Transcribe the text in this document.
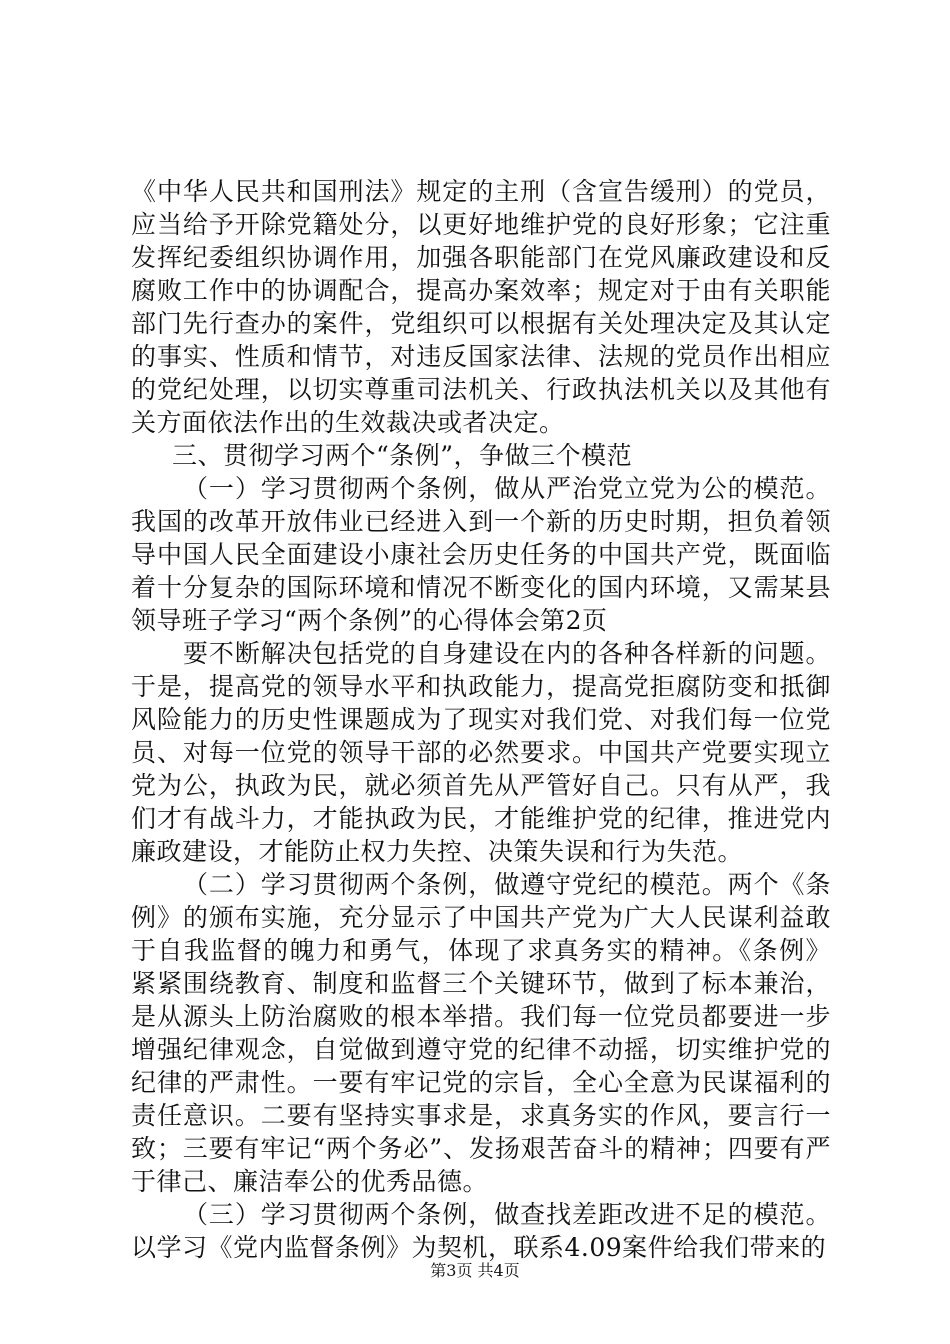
《中华人民共和国刑法》规定的主刑（含宣告缓刑）的党员，应当给予开除党籍处分，以更好地维护党的良好形象；它注重发挥纪委组织协调作用，加强各职能部门在党风廉政建设和反腐败工作中的协调配合，提高办案效率；规定对于由有关职能部门先行查办的案件，党组织可以根据有关处理决定及其认定的事实、性质和情节，对违反国家法律、法规的党员作出相应的党纪处理，以切实尊重司法机关、行政执法机关以及其他有关方面依法作出的生效裁决或者决定。

三、贯彻学习两个“条例”，争做三个模范

（一）学习贯彻两个条例，做从严治党立党为公的模范。我国的改革开放伟业已经进入到一个新的历史时期，担负着领导中国人民全面建设小康社会历史任务的中国共产党，既面临着十分复杂的国际环境和情况不断变化的国内环境，又需某县领导班子学习“两个条例”的心得体会第2页

要不断解决包括党的自身建设在内的各种各样新的问题。于是，提高党的领导水平和执政能力，提高党拒腐防变和抵御风险能力的历史性课题成为了现实对我们党、对我们每一位党员、对每一位党的领导干部的必然要求。中国共产党要实现立党为公，执政为民，就必须首先从严管好自己。只有从严，我们才有战斗力，才能执政为民，才能维护党的纪律，推进党内廉政建设，才能防止权力失控、决策失误和行为失范。

（二）学习贯彻两个条例，做遵守党纪的模范。两个《条例》的颁布实施，充分显示了中国共产党为广大人民谋利益敢于自我监督的魄力和勇气，体现了求真务实的精神。《条例》紧紧围绕教育、制度和监督三个关键环节，做到了标本兼治，是从源头上防治腐败的根本举措。我们每一位党员都要进一步增强纪律观念，自觉做到遵守党的纪律不动摇，切实维护党的纪律的严肃性。一要有牢记党的宗旨，全心全意为民谋福利的责任意识。二要有坚持实事求是，求真务实的作风，要言行一致；三要有牢记“两个务必”、发扬艰苦奋斗的精神；四要有严于律己、廉洁奉公的优秀品德。

（三）学习贯彻两个条例，做查找差距改进不足的模范。以学习《党内监督条例》为契机，联系4.09案件给我们带来的

第3页 共4页
